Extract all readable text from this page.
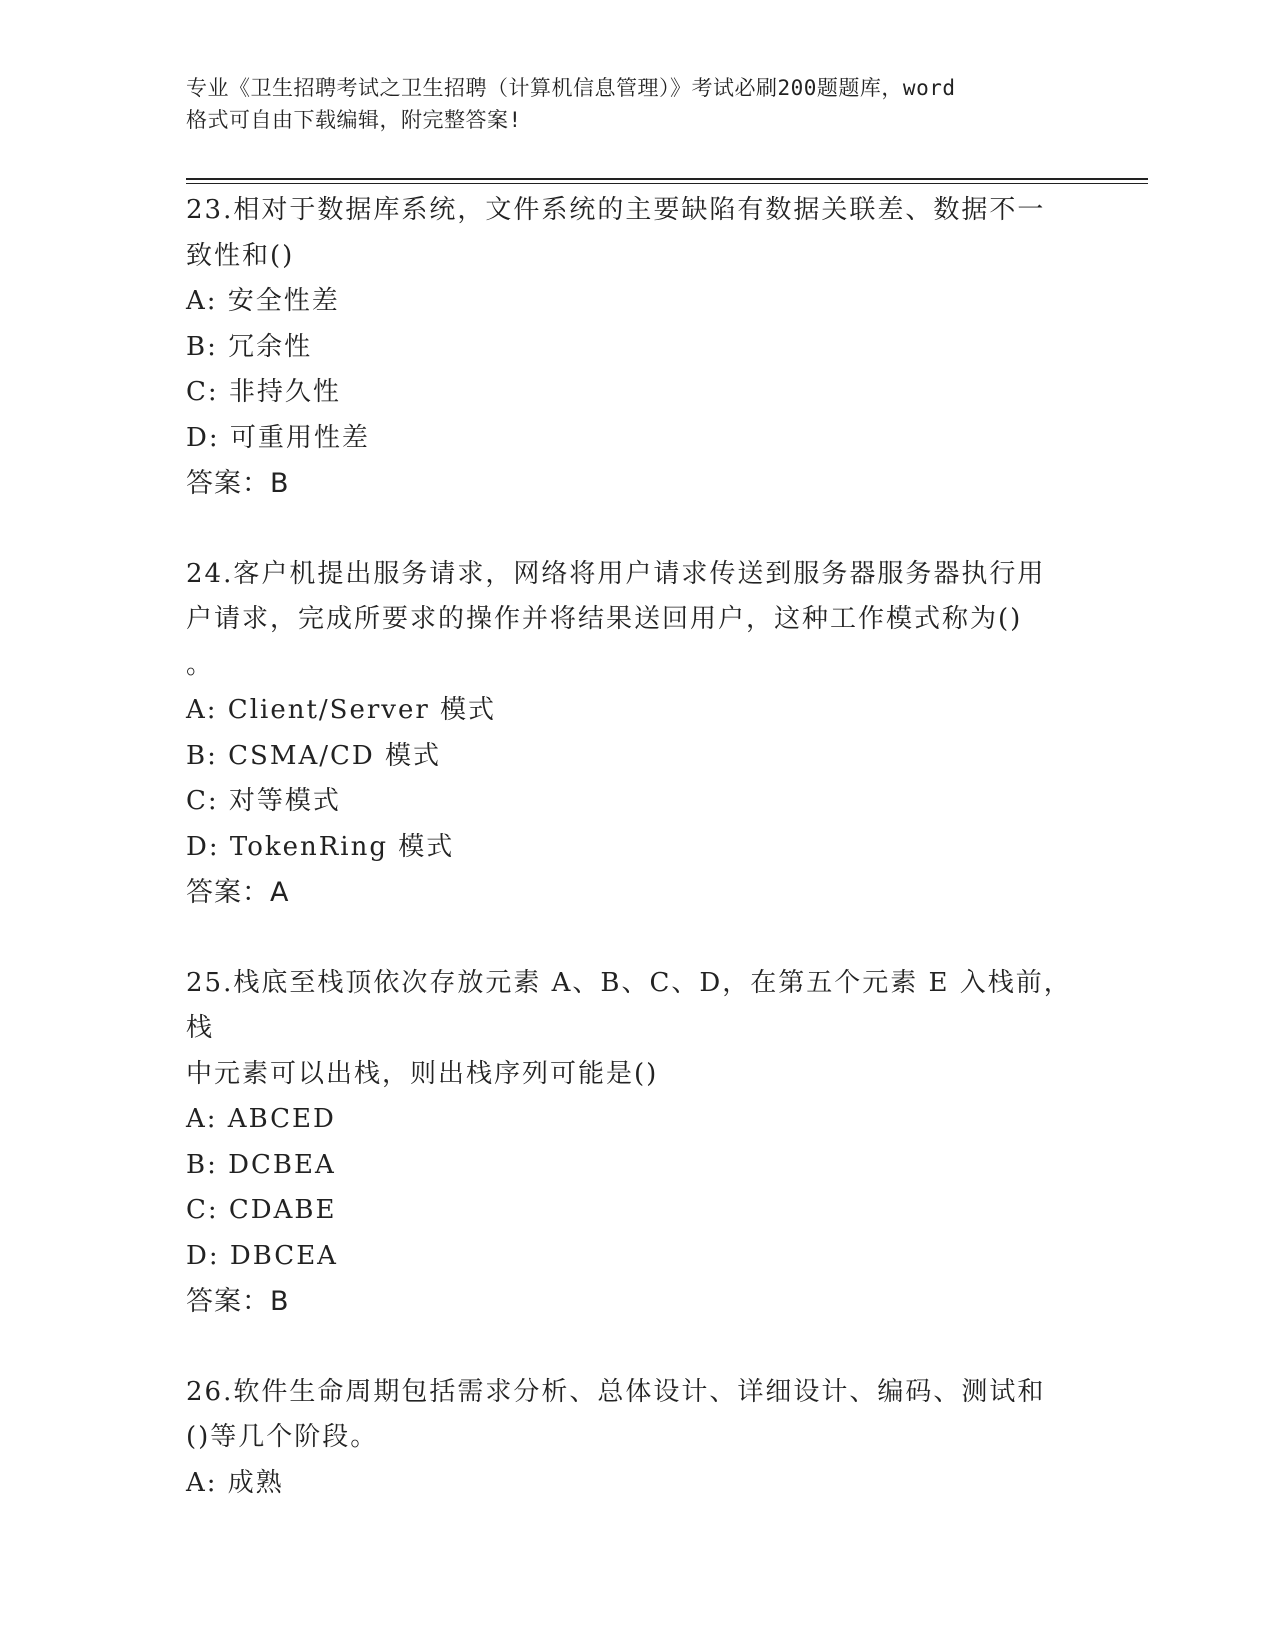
专业《卫生招聘考试之卫生招聘（计算机信息管理）》考试必刷200题题库，word
格式可自由下载编辑，附完整答案!

23.相对于数据库系统，文件系统的主要缺陷有数据关联差、数据不一

致性和()

A: 安全性差

B: 冗余性

C: 非持久性

D: 可重用性差

答案：B

24.客户机提出服务请求，网络将用户请求传送到服务器服务器执行用

户请求，完成所要求的操作并将结果送回用户，这种工作模式称为()

。

A: Client/Server 模式

B: CSMA/CD 模式

C: 对等模式

D: TokenRing 模式

答案：A

25.栈底至栈顶依次存放元素 A、B、C、D，在第五个元素 E 入栈前，栈

中元素可以出栈，则出栈序列可能是()

A: ABCED

B: DCBEA

C: CDABE

D: DBCEA

答案：B

26.软件生命周期包括需求分析、总体设计、详细设计、编码、测试和

()等几个阶段。

A: 成熟
